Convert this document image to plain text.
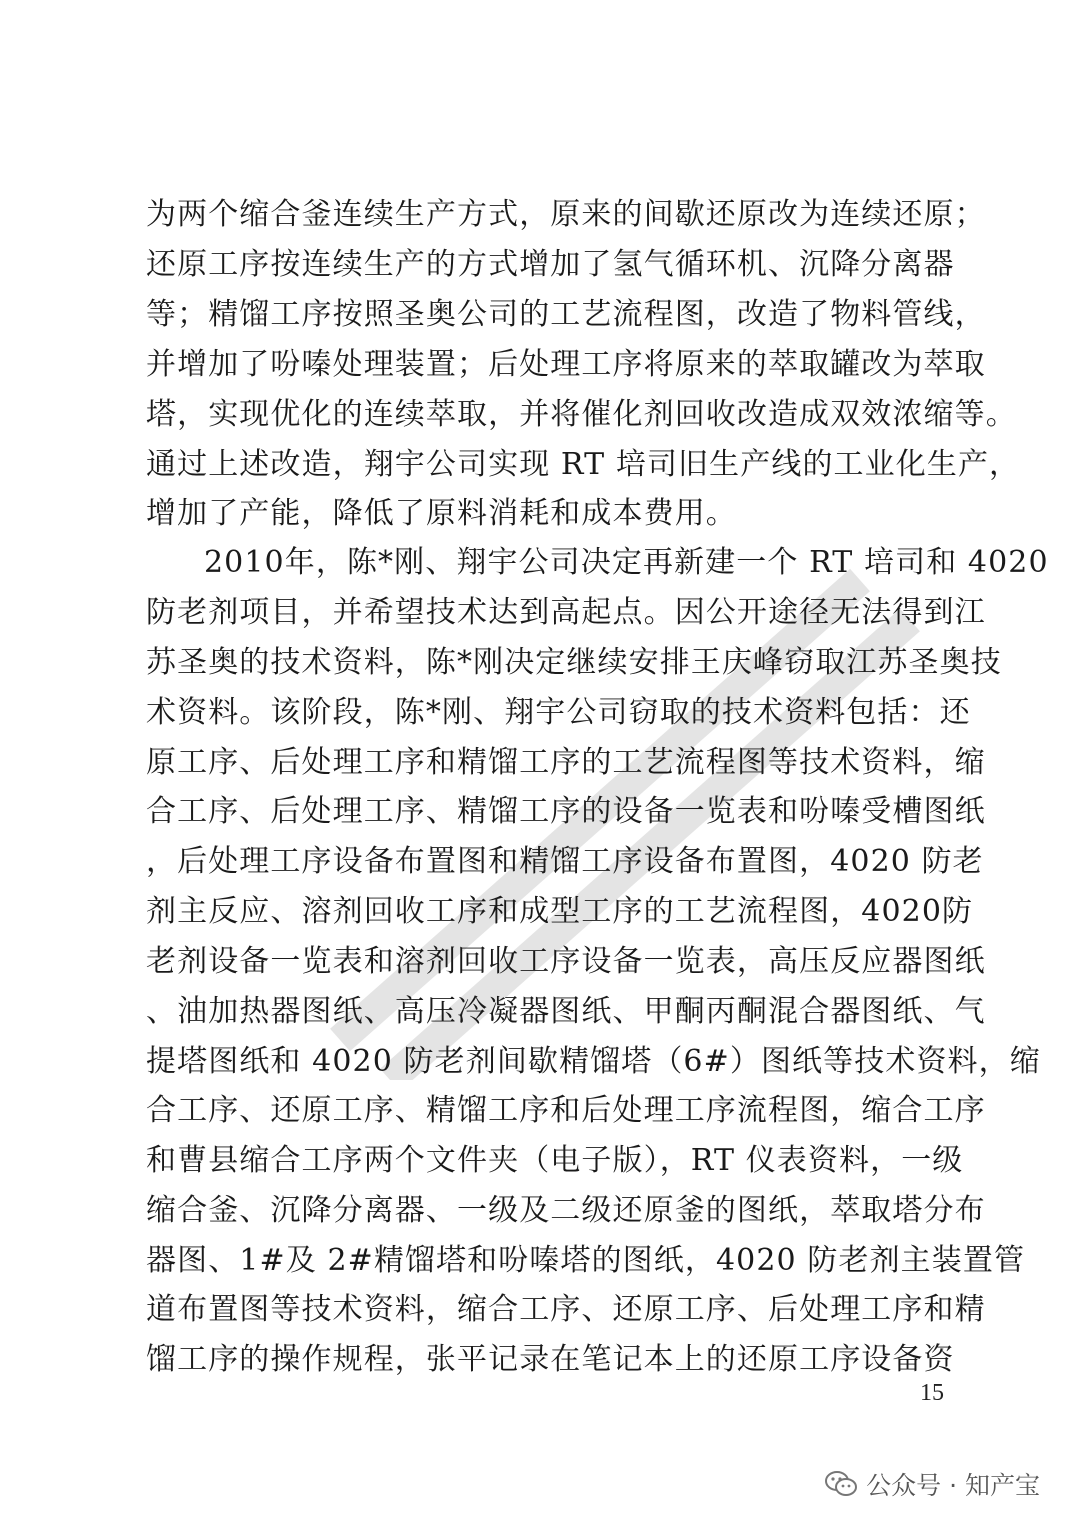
为两个缩合釜连续生产方式，原来的间歇还原改为连续还原；
还原工序按连续生产的方式增加了氢气循环机、沉降分离器
等；精馏工序按照圣奥公司的工艺流程图，改造了物料管线，
并增加了吩嗪处理装置；后处理工序将原来的萃取罐改为萃取
塔，实现优化的连续萃取，并将催化剂回收改造成双效浓缩等。
通过上述改造，翔宇公司实现 RT 培司旧生产线的工业化生产，
增加了产能，降低了原料消耗和成本费用。
2010年，陈*刚、翔宇公司决定再新建一个 RT 培司和 4020
防老剂项目，并希望技术达到高起点。因公开途径无法得到江
苏圣奥的技术资料，陈*刚决定继续安排王庆峰窃取江苏圣奥技
术资料。该阶段，陈*刚、翔宇公司窃取的技术资料包括：还
原工序、后处理工序和精馏工序的工艺流程图等技术资料，缩
合工序、后处理工序、精馏工序的设备一览表和吩嗪受槽图纸
，后处理工序设备布置图和精馏工序设备布置图，4020 防老
剂主反应、溶剂回收工序和成型工序的工艺流程图，4020防
老剂设备一览表和溶剂回收工序设备一览表，高压反应器图纸
、油加热器图纸、高压冷凝器图纸、甲酮丙酮混合器图纸、气
提塔图纸和 4020 防老剂间歇精馏塔（6#）图纸等技术资料，缩
合工序、还原工序、精馏工序和后处理工序流程图，缩合工序
和曹县缩合工序两个文件夹（电子版），RT 仪表资料，一级
缩合釜、沉降分离器、一级及二级还原釜的图纸，萃取塔分布
器图、1#及 2#精馏塔和吩嗪塔的图纸，4020 防老剂主装置管
道布置图等技术资料，缩合工序、还原工序、后处理工序和精
馏工序的操作规程，张平记录在笔记本上的还原工序设备资
15
公众号 · 知产宝
